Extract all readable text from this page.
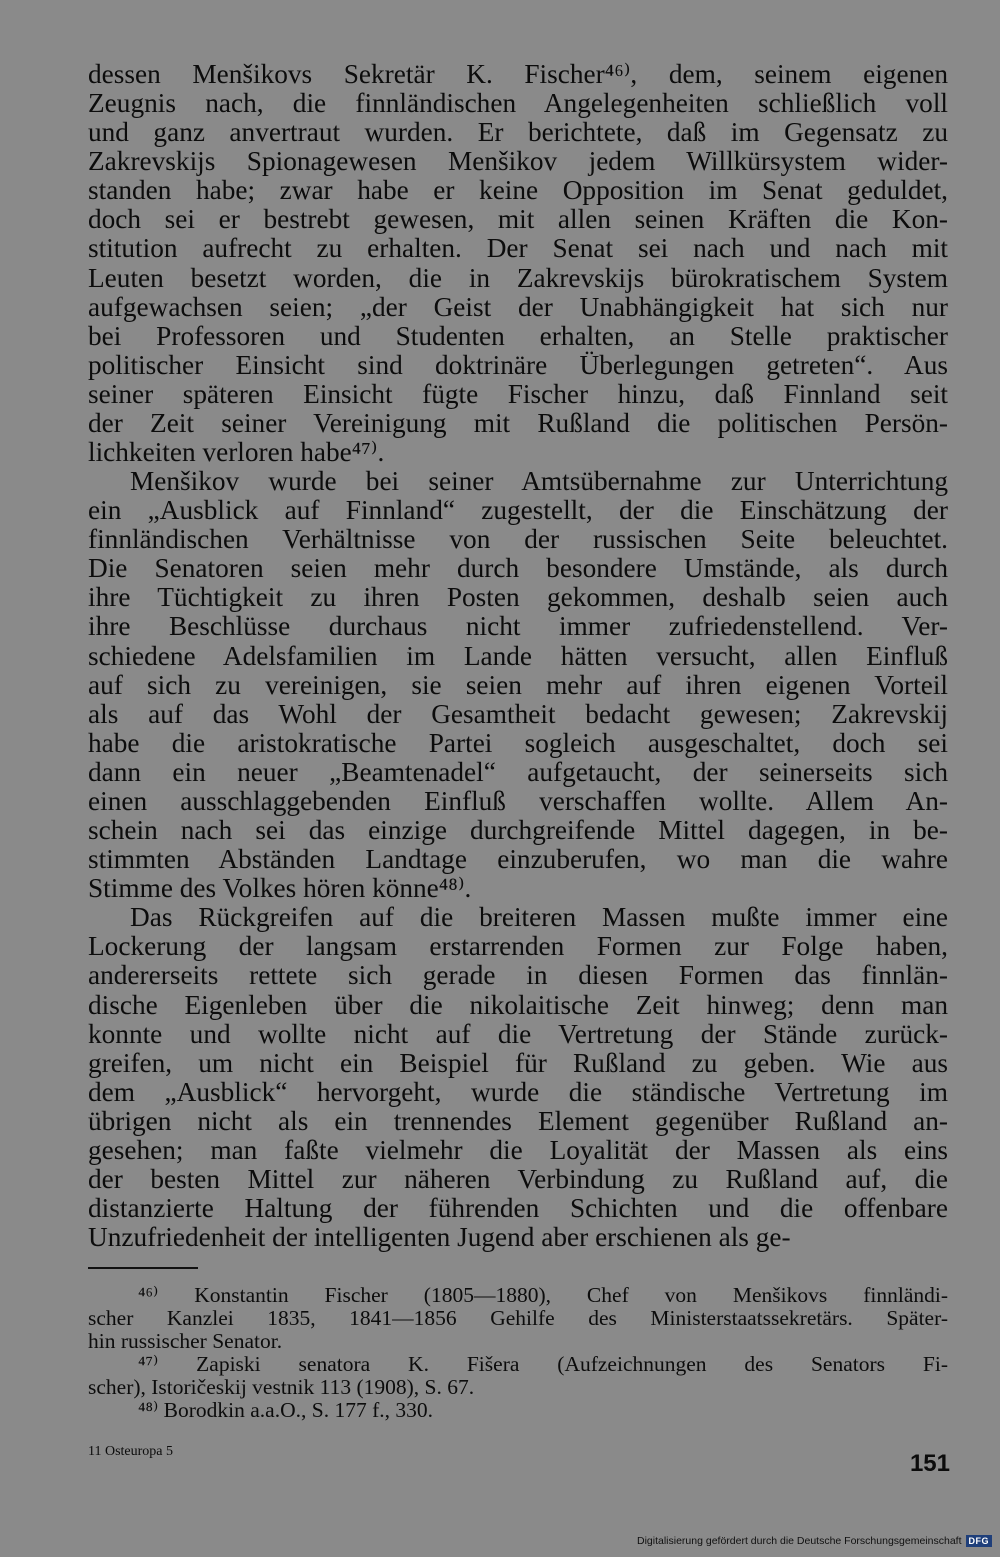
dessen Menšikovs Sekretär K. Fischer⁴⁶⁾, dem, seinem eigenen
Zeugnis nach, die finnländischen Angelegenheiten schließlich voll
und ganz anvertraut wurden. Er berichtete, daß im Gegensatz zu
Zakrevskijs Spionagewesen Menšikov jedem Willkürsystem wider-
standen habe; zwar habe er keine Opposition im Senat geduldet,
doch sei er bestrebt gewesen, mit allen seinen Kräften die Kon-
stitution aufrecht zu erhalten. Der Senat sei nach und nach mit
Leuten besetzt worden, die in Zakrevskijs bürokratischem System
aufgewachsen seien; „der Geist der Unabhängigkeit hat sich nur
bei Professoren und Studenten erhalten, an Stelle praktischer
politischer Einsicht sind doktrinäre Überlegungen getreten“. Aus
seiner späteren Einsicht fügte Fischer hinzu, daß Finnland seit
der Zeit seiner Vereinigung mit Rußland die politischen Persön-
lichkeiten verloren habe⁴⁷⁾.

Menšikov wurde bei seiner Amtsübernahme zur Unterrichtung
ein „Ausblick auf Finnland“ zugestellt, der die Einschätzung der
finnländischen Verhältnisse von der russischen Seite beleuchtet.
Die Senatoren seien mehr durch besondere Umstände, als durch
ihre Tüchtigkeit zu ihren Posten gekommen, deshalb seien auch
ihre Beschlüsse durchaus nicht immer zufriedenstellend. Ver-
schiedene Adelsfamilien im Lande hätten versucht, allen Einfluß
auf sich zu vereinigen, sie seien mehr auf ihren eigenen Vorteil
als auf das Wohl der Gesamtheit bedacht gewesen; Zakrevskij
habe die aristokratische Partei sogleich ausgeschaltet, doch sei
dann ein neuer „Beamtenadel“ aufgetaucht, der seinerseits sich
einen ausschlaggebenden Einfluß verschaffen wollte. Allem An-
schein nach sei das einzige durchgreifende Mittel dagegen, in be-
stimmten Abständen Landtage einzuberufen, wo man die wahre
Stimme des Volkes hören könne⁴⁸⁾.

Das Rückgreifen auf die breiteren Massen mußte immer eine
Lockerung der langsam erstarrenden Formen zur Folge haben,
andererseits rettete sich gerade in diesen Formen das finnlän-
dische Eigenleben über die nikolaitische Zeit hinweg; denn man
konnte und wollte nicht auf die Vertretung der Stände zurück-
greifen, um nicht ein Beispiel für Rußland zu geben. Wie aus
dem „Ausblick“ hervorgeht, wurde die ständische Vertretung im
übrigen nicht als ein trennendes Element gegenüber Rußland an-
gesehen; man faßte vielmehr die Loyalität der Massen als eins
der besten Mittel zur näheren Verbindung zu Rußland auf, die
distanzierte Haltung der führenden Schichten und die offenbare
Unzufriedenheit der intelligenten Jugend aber erschienen als ge-

⁴⁶⁾ Konstantin Fischer (1805—1880), Chef von Menšikovs finnländi-
scher Kanzlei 1835, 1841—1856 Gehilfe des Ministerstaatssekretärs. Später-
hin russischer Senator.

⁴⁷⁾ Zapiski senatora K. Fišera (Aufzeichnungen des Senators Fi-
scher), Istoričeskij vestnik 113 (1908), S. 67.

⁴⁸⁾ Borodkin a.a.O., S. 177 f., 330.

11 Osteuropa 5	151
Digitalisierung gefördert durch die Deutsche Forschungsgemeinschaft DFG
